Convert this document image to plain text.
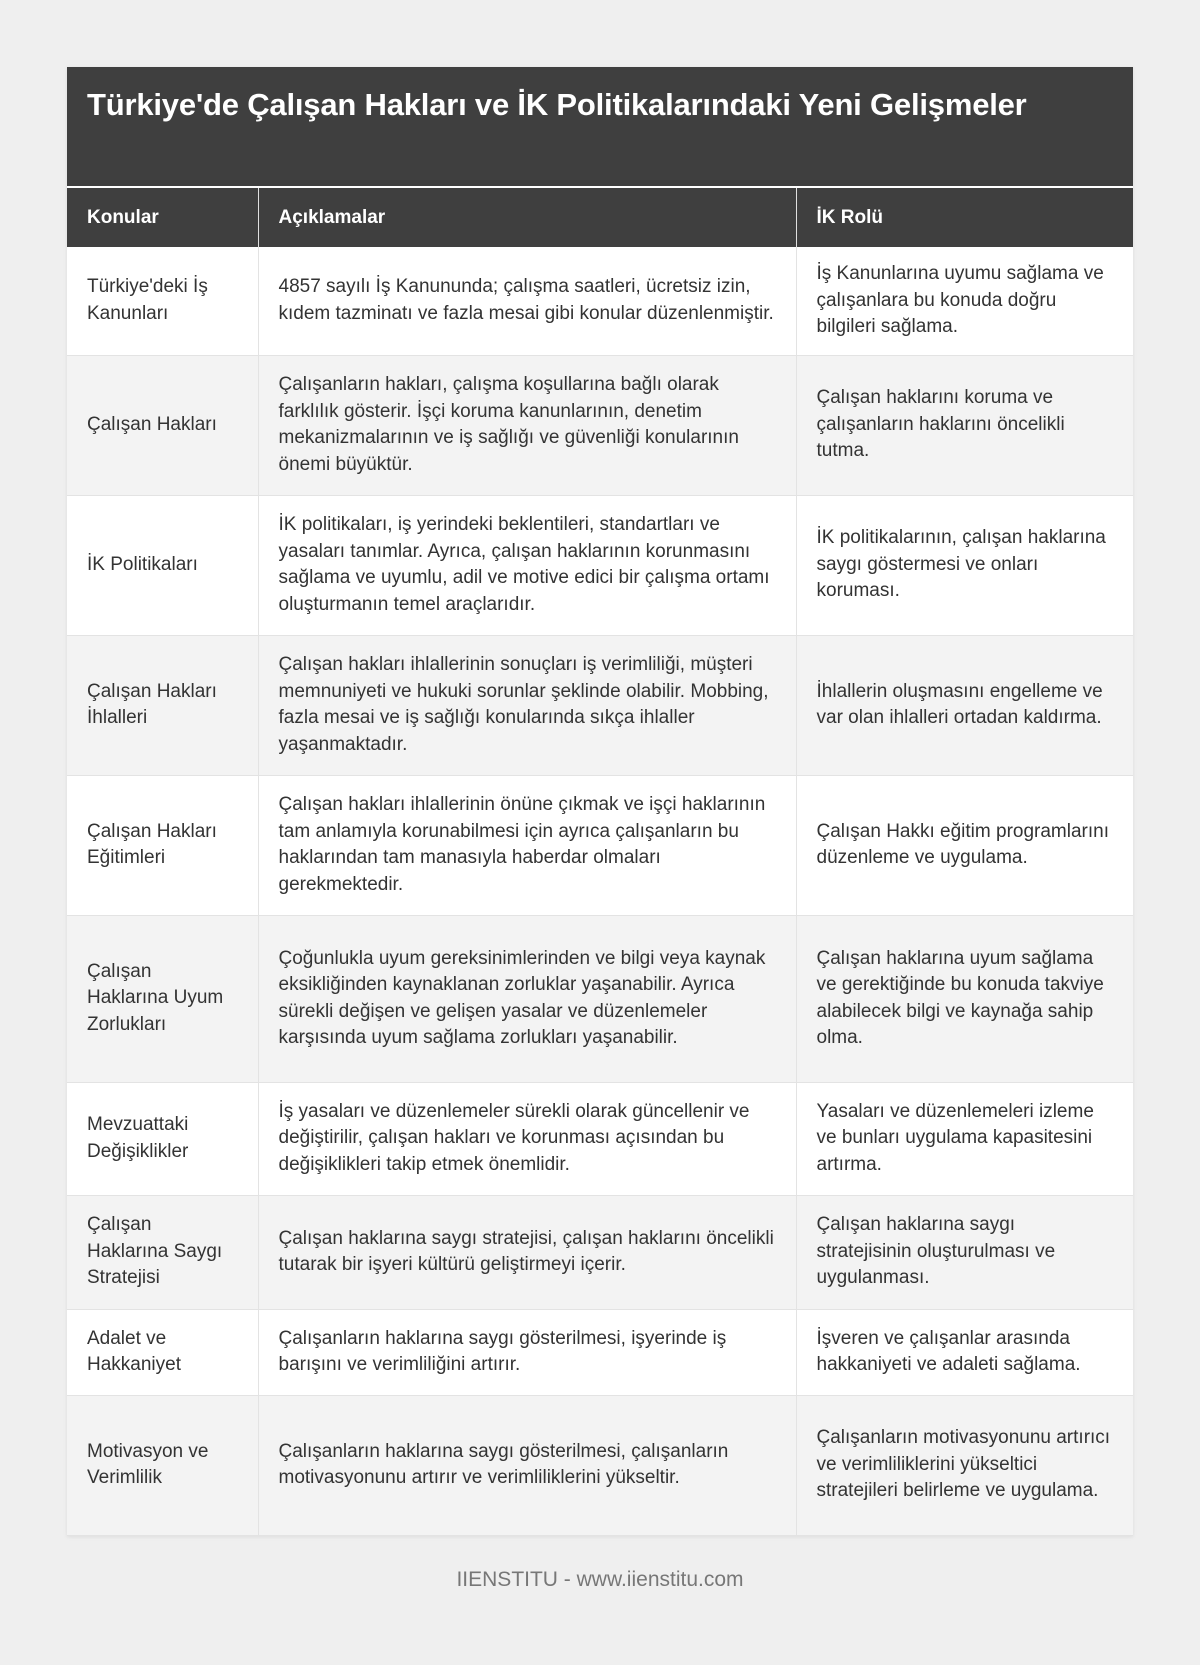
Türkiye'de Çalışan Hakları ve İK Politikalarındaki Yeni Gelişmeler
Konular	Açıklamalar	İK Rolü
Türkiye'deki İş Kanunları	4857 sayılı İş Kanununda; çalışma saatleri, ücretsiz izin, kıdem tazminatı ve fazla mesai gibi konular düzenlenmiştir.	İş Kanunlarına uyumu sağlama ve çalışanlara bu konuda doğru bilgileri sağlama.
Çalışan Hakları	Çalışanların hakları, çalışma koşullarına bağlı olarak farklılık gösterir. İşçi koruma kanunlarının, denetim mekanizmalarının ve iş sağlığı ve güvenliği konularının önemi büyüktür.	Çalışan haklarını koruma ve çalışanların haklarını öncelikli tutma.
İK Politikaları	İK politikaları, iş yerindeki beklentileri, standartları ve yasaları tanımlar. Ayrıca, çalışan haklarının korunmasını sağlama ve uyumlu, adil ve motive edici bir çalışma ortamı oluşturmanın temel araçlarıdır.	İK politikalarının, çalışan haklarına saygı göstermesi ve onları koruması.
Çalışan Hakları İhlalleri	Çalışan hakları ihlallerinin sonuçları iş verimliliği, müşteri memnuniyeti ve hukuki sorunlar şeklinde olabilir. Mobbing, fazla mesai ve iş sağlığı konularında sıkça ihlaller yaşanmaktadır.	İhlallerin oluşmasını engelleme ve var olan ihlalleri ortadan kaldırma.
Çalışan Hakları Eğitimleri	Çalışan hakları ihlallerinin önüne çıkmak ve işçi haklarının tam anlamıyla korunabilmesi için ayrıca çalışanların bu haklarından tam manasıyla haberdar olmaları gerekmektedir.	Çalışan Hakkı eğitim programlarını düzenleme ve uygulama.
Çalışan Haklarına Uyum Zorlukları	Çoğunlukla uyum gereksinimlerinden ve bilgi veya kaynak eksikliğinden kaynaklanan zorluklar yaşanabilir. Ayrıca sürekli değişen ve gelişen yasalar ve düzenlemeler karşısında uyum sağlama zorlukları yaşanabilir.	Çalışan haklarına uyum sağlama ve gerektiğinde bu konuda takviye alabilecek bilgi ve kaynağa sahip olma.
Mevzuattaki Değişiklikler	İş yasaları ve düzenlemeler sürekli olarak güncellenir ve değiştirilir, çalışan hakları ve korunması açısından bu değişiklikleri takip etmek önemlidir.	Yasaları ve düzenlemeleri izleme ve bunları uygulama kapasitesini artırma.
Çalışan Haklarına Saygı Stratejisi	Çalışan haklarına saygı stratejisi, çalışan haklarını öncelikli tutarak bir işyeri kültürü geliştirmeyi içerir.	Çalışan haklarına saygı stratejisinin oluşturulması ve uygulanması.
Adalet ve Hakkaniyet	Çalışanların haklarına saygı gösterilmesi, işyerinde iş barışını ve verimliliğini artırır.	İşveren ve çalışanlar arasında hakkaniyeti ve adaleti sağlama.
Motivasyon ve Verimlilik	Çalışanların haklarına saygı gösterilmesi, çalışanların motivasyonunu artırır ve verimliliklerini yükseltir.	Çalışanların motivasyonunu artırıcı ve verimliliklerini yükseltici stratejileri belirleme ve uygulama.
IIENSTITU - www.iienstitu.com
